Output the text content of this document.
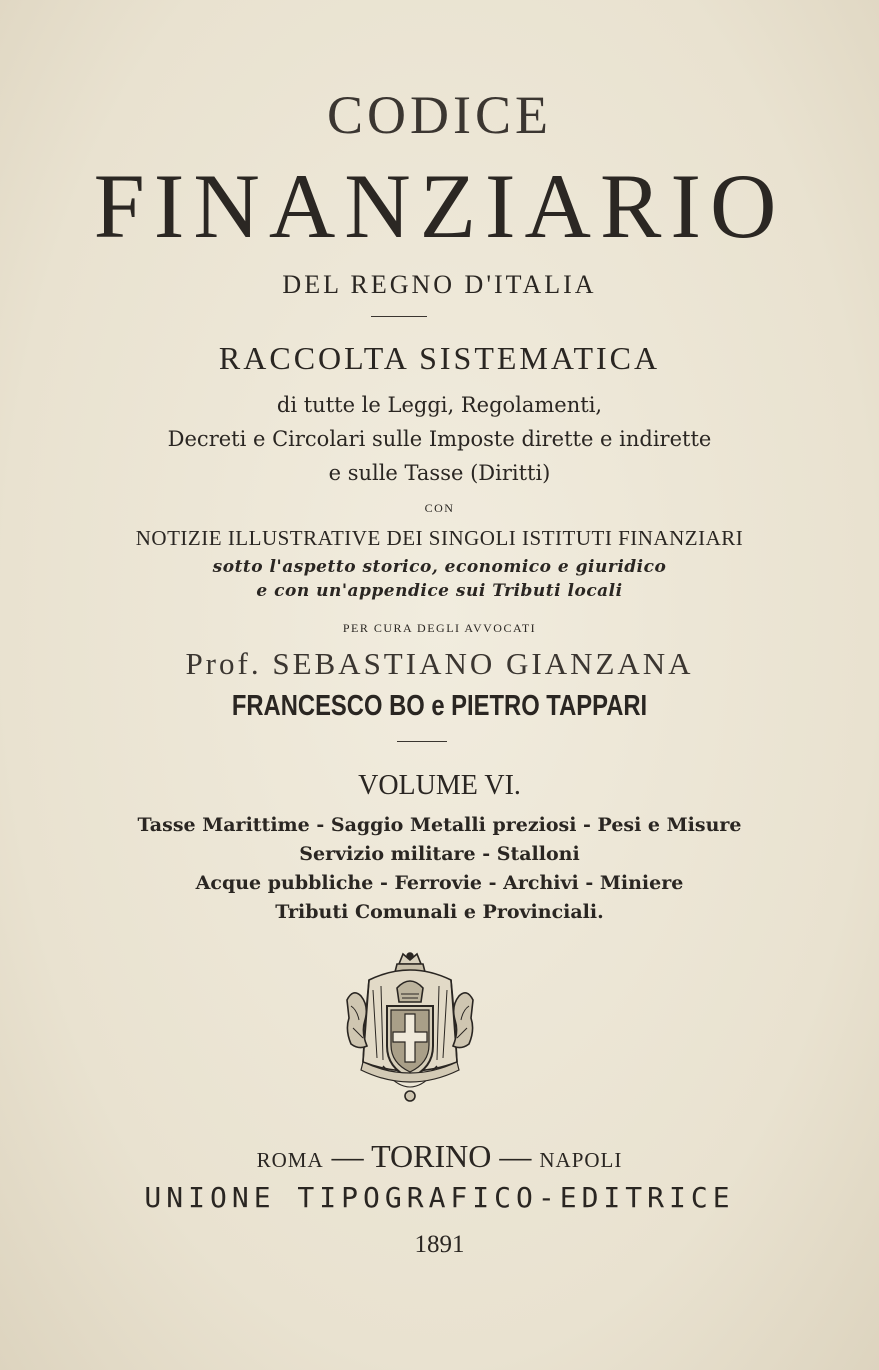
CODICE
FINANZIARIO
DEL REGNO D'ITALIA
RACCOLTA SISTEMATICA
di tutte le Leggi, Regolamenti,
Decreti e Circolari sulle Imposte dirette e indirette
e sulle Tasse (Diritti)
CON
NOTIZIE ILLUSTRATIVE DEI SINGOLI ISTITUTI FINANZIARI
sotto l'aspetto storico, economico e giuridico
e con un'appendice sui Tributi locali
PER CURA DEGLI AVVOCATI
Prof. SEBASTIANO GIANZANA
FRANCESCO BO e PIETRO TAPPARI
VOLUME VI.
Tasse Marittime - Saggio Metalli preziosi - Pesi e Misure
Servizio militare - Stalloni
Acque pubbliche - Ferrovie - Archivi - Miniere
Tributi Comunali e Provinciali.
ROMA — TORINO — NAPOLI
UNIONE TIPOGRAFICO-EDITRICE
1891
